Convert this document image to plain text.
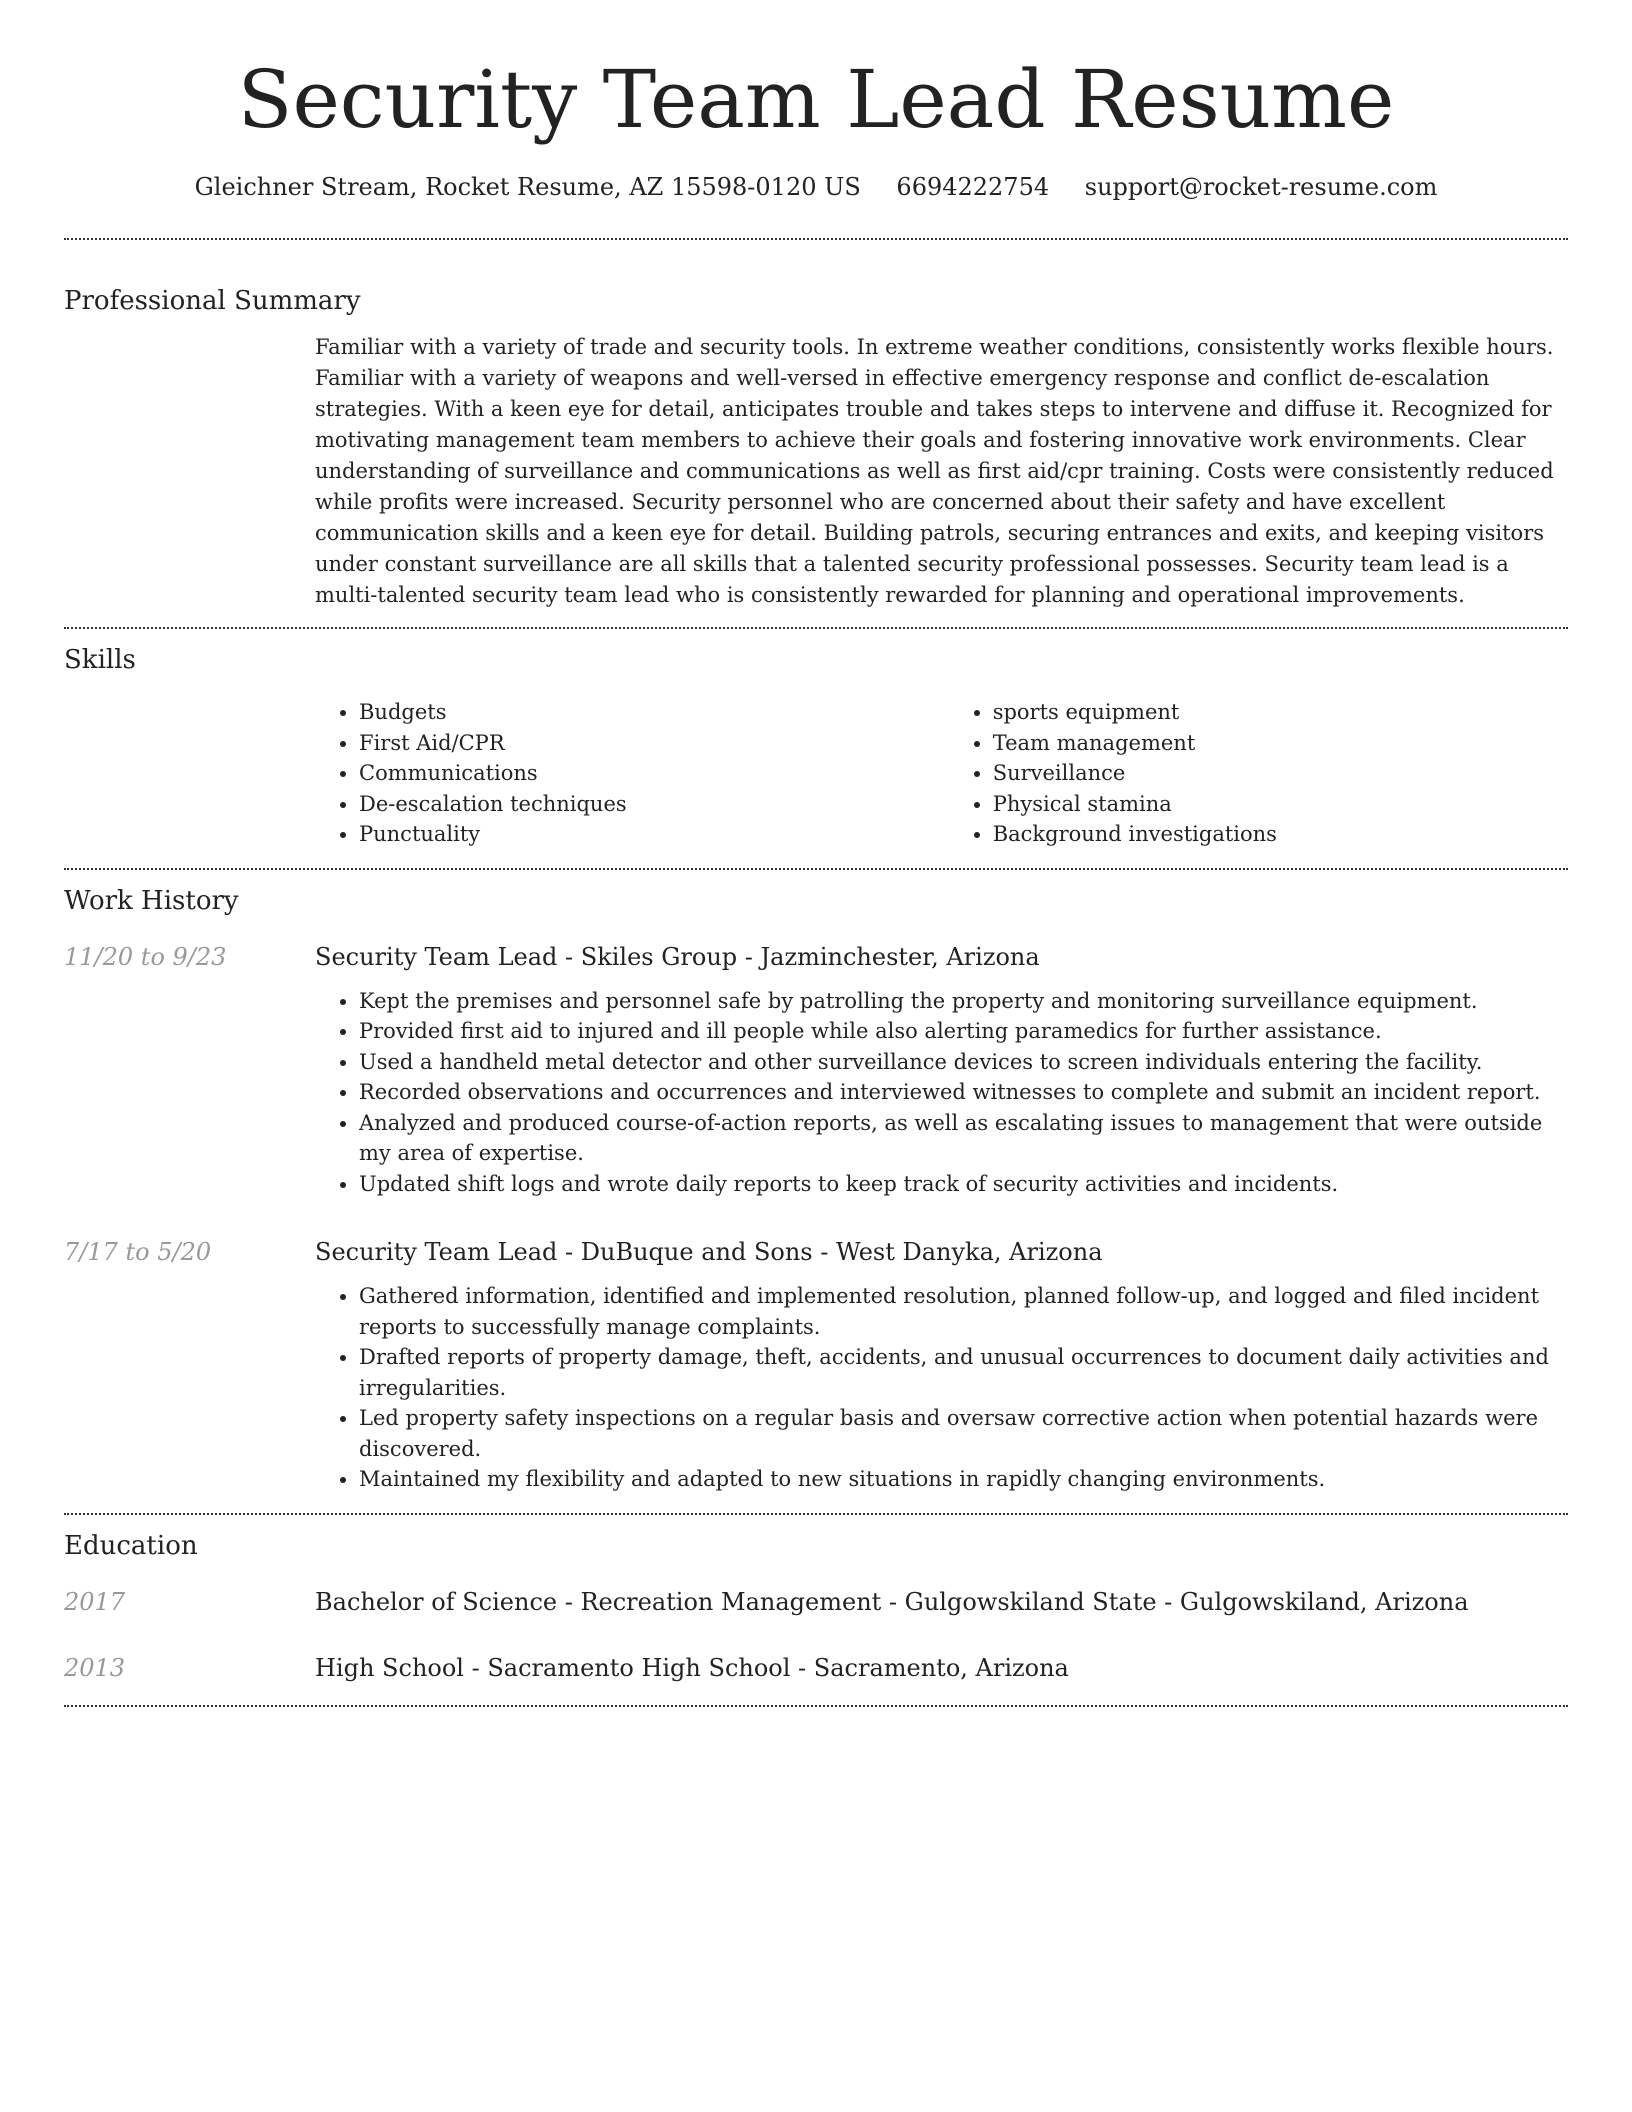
Security Team Lead Resume
Gleichner Stream, Rocket Resume, AZ 15598-0120 US 6694222754 support@rocket-resume.com
Professional Summary
Familiar with a variety of trade and security tools. In extreme weather conditions, consistently works flexible hours. Familiar with a variety of weapons and well-versed in effective emergency response and conflict de-escalation strategies. With a keen eye for detail, anticipates trouble and takes steps to intervene and diffuse it. Recognized for motivating management team members to achieve their goals and fostering innovative work environments. Clear understanding of surveillance and communications as well as first aid/cpr training. Costs were consistently reduced while profits were increased. Security personnel who are concerned about their safety and have excellent communication skills and a keen eye for detail. Building patrols, securing entrances and exits, and keeping visitors under constant surveillance are all skills that a talented security professional possesses. Security team lead is a multi-talented security team lead who is consistently rewarded for planning and operational improvements.
Skills
• Budgets
• First Aid/CPR
• Communications
• De-escalation techniques
• Punctuality
• sports equipment
• Team management
• Surveillance
• Physical stamina
• Background investigations
Work History
11/20 to 9/23	Security Team Lead - Skiles Group - Jazminchester, Arizona
• Kept the premises and personnel safe by patrolling the property and monitoring surveillance equipment.
• Provided first aid to injured and ill people while also alerting paramedics for further assistance.
• Used a handheld metal detector and other surveillance devices to screen individuals entering the facility.
• Recorded observations and occurrences and interviewed witnesses to complete and submit an incident report.
• Analyzed and produced course-of-action reports, as well as escalating issues to management that were outside my area of expertise.
• Updated shift logs and wrote daily reports to keep track of security activities and incidents.
7/17 to 5/20	Security Team Lead - DuBuque and Sons - West Danyka, Arizona
• Gathered information, identified and implemented resolution, planned follow-up, and logged and filed incident reports to successfully manage complaints.
• Drafted reports of property damage, theft, accidents, and unusual occurrences to document daily activities and irregularities.
• Led property safety inspections on a regular basis and oversaw corrective action when potential hazards were discovered.
• Maintained my flexibility and adapted to new situations in rapidly changing environments.
Education
2017	Bachelor of Science - Recreation Management - Gulgowskiland State - Gulgowskiland, Arizona
2013	High School - Sacramento High School - Sacramento, Arizona
